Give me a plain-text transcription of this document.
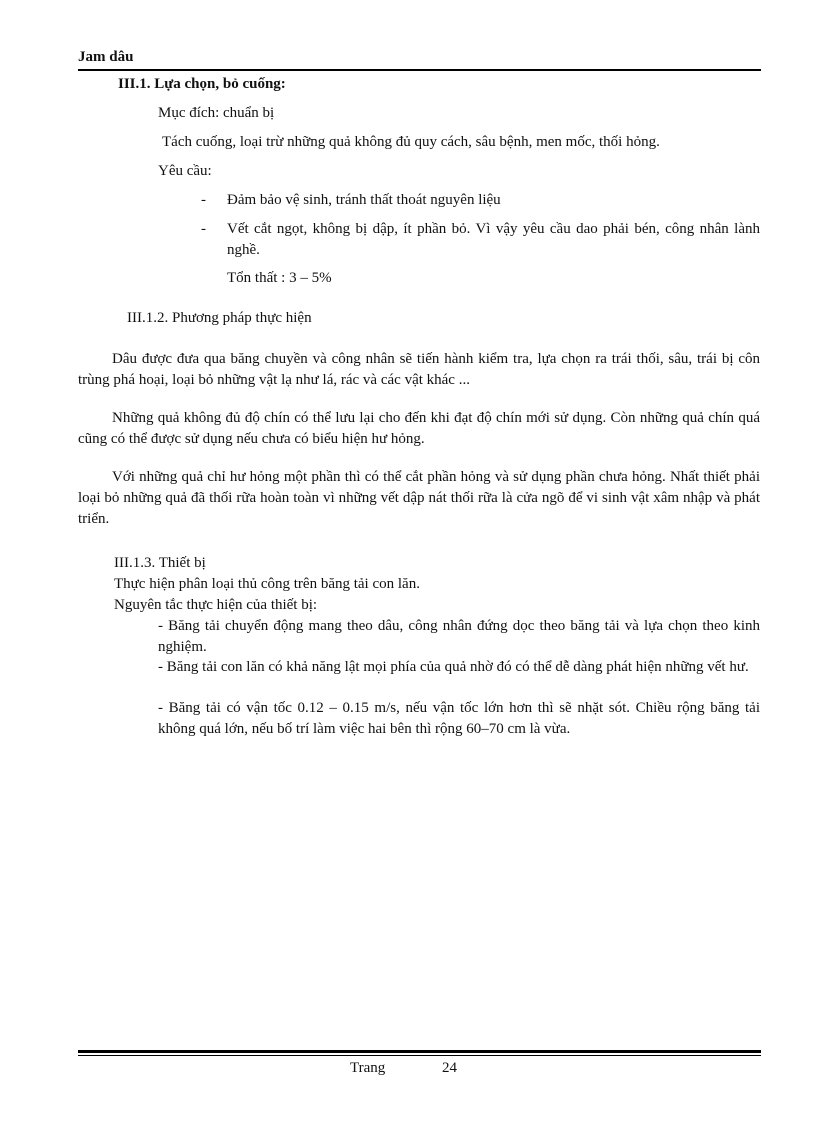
Jam dâu

III.1. Lựa chọn, bỏ cuống:

Mục đích: chuẩn bị

Tách cuống, loại trừ những quả không đủ quy cách, sâu bệnh, men mốc, thối hỏng.

Yêu cầu:

- Đảm bảo vệ sinh, tránh thất thoát nguyên liệu

- Vết cắt ngọt, không bị dập, ít phần bỏ. Vì vậy yêu cầu dao phải bén, công nhân lành nghề.

Tổn thất : 3 – 5%

III.1.2. Phương pháp thực hiện

Dâu được đưa qua băng chuyền và công nhân sẽ tiến hành kiểm tra, lựa chọn ra trái thối, sâu, trái bị côn trùng phá hoại, loại bỏ những vật lạ như lá, rác và các vật khác ...

Những quả không đủ độ chín có thể lưu lại cho đến khi đạt độ chín mới sử dụng. Còn những quả chín quá cũng có thể được sử dụng nếu chưa có biểu hiện hư hỏng.

Với những quả chỉ hư hỏng một phần thì có thể cắt phần hỏng và sử dụng phần chưa hỏng. Nhất thiết phải loại bỏ những quả đã thối rữa hoàn toàn vì những vết dập nát thối rữa là cửa ngõ để vi sinh vật xâm nhập và phát triển.

III.1.3. Thiết bị

Thực hiện phân loại thủ công trên băng tải con lăn.

Nguyên tắc thực hiện của thiết bị:

- Băng tải chuyển động mang theo dâu, công nhân đứng dọc theo băng tải và lựa chọn theo kinh nghiệm.

- Băng tải con lăn có khả năng lật mọi phía của quả nhờ đó có thể dễ dàng phát hiện những vết hư.

- Băng tải có vận tốc 0.12 – 0.15 m/s, nếu vận tốc lớn hơn thì sẽ nhặt sót. Chiều rộng băng tải không quá lớn, nếu bố trí làm việc hai bên thì rộng 60–70 cm là vừa.

Trang	24
